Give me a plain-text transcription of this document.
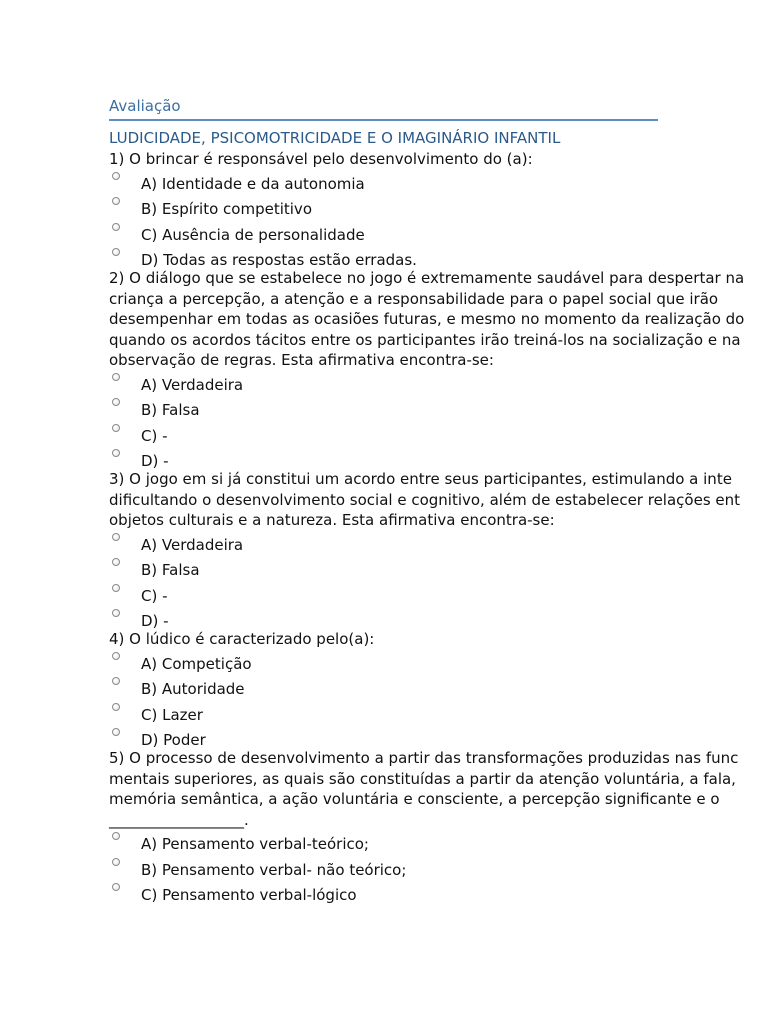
Avaliação
LUDICIDADE, PSICOMOTRICIDADE E O IMAGINÁRIO INFANTIL
1) O brincar é responsável pelo desenvolvimento do (a):
A) Identidade e da autonomia
B) Espírito competitivo
C) Ausência de personalidade
D) Todas as respostas estão erradas.
2) O diálogo que se estabelece no jogo é extremamente saudável para despertar na
criança a percepção, a atenção e a responsabilidade para o papel social que irão
desempenhar em todas as ocasiões futuras, e mesmo no momento da realização do
quando os acordos tácitos entre os participantes irão treiná-los na socialização e na
observação de regras. Esta afirmativa encontra-se:
A) Verdadeira
B) Falsa
C) -
D) -
3) O jogo em si já constitui um acordo entre seus participantes, estimulando a inte
dificultando o desenvolvimento social e cognitivo, além de estabelecer relações ent
objetos culturais e a natureza. Esta afirmativa encontra-se:
A) Verdadeira
B) Falsa
C) -
D) -
4) O lúdico é caracterizado pelo(a):
A) Competição
B) Autoridade
C) Lazer
D) Poder
5) O processo de desenvolvimento a partir das transformações produzidas nas func
mentais superiores, as quais são constituídas a partir da atenção voluntária, a fala,
memória semântica, a ação voluntária e consciente, a percepção significante e o
__________________.
A) Pensamento verbal-teórico;
B) Pensamento verbal- não teórico;
C) Pensamento verbal-lógico
